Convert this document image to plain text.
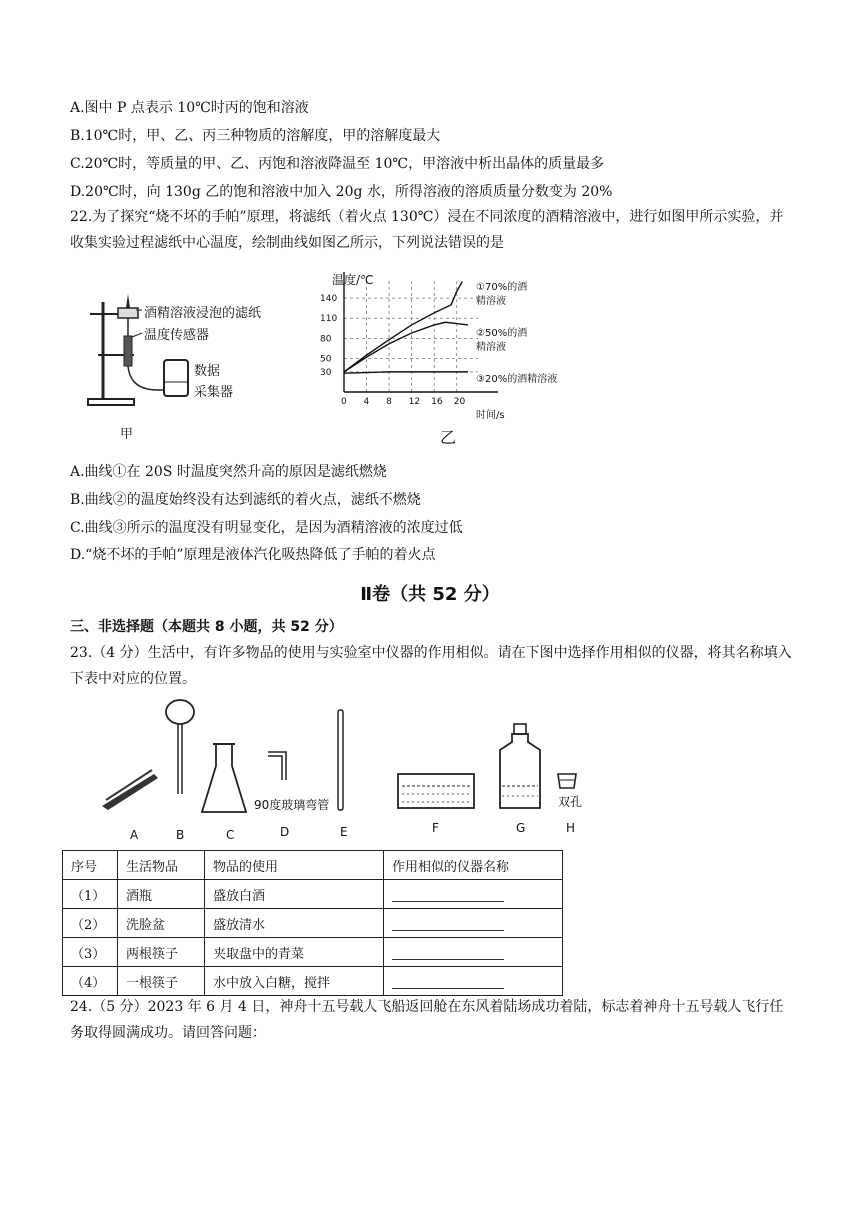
A.图中 P 点表示 10℃时丙的饱和溶液
B.10℃时，甲、乙、丙三种物质的溶解度，甲的溶解度最大
C.20℃时，等质量的甲、乙、丙饱和溶液降温至 10℃，甲溶液中析出晶体的质量最多
D.20℃时，向 130g 乙的饱和溶液中加入 20g 水，所得溶液的溶质质量分数变为 20%
22.为了探究“烧不坏的手帕”原理，将滤纸（着火点 130℃）浸在不同浓度的酒精溶液中，进行如图甲所示实验，并收集实验过程滤纸中心温度，绘制曲线如图乙所示，下列说法错误的是
酒精溶液浸泡的滤纸
温度传感器
数据
采集器
甲
0 4 8 12 16 20
30
50
80
110
140
①70%的酒
精溶液
②50%的酒
精溶液
③20%的酒精溶液
温度/℃
时间/s
乙
A.曲线①在 20S 时温度突然升高的原因是滤纸燃烧
B.曲线②的温度始终没有达到滤纸的着火点，滤纸不燃烧
C.曲线③所示的温度没有明显变化，是因为酒精溶液的浓度过低
D.“烧不坏的手帕”原理是液体汽化吸热降低了手帕的着火点
Ⅱ卷（共 52 分）
三、非选择题（本题共 8 小题，共 52 分）
23.（4 分）生活中，有许多物品的使用与实验室中仪器的作用相似。请在下图中选择作用相似的仪器，将其名称填入下表中对应的位置。
90度玻璃弯管	双孔
A	B	C	D	E	F	G	H
序号	生活物品	物品的使用	作用相似的仪器名称
（1）	酒瓶	盛放白酒	
（2）	洗脸盆	盛放清水	
（3）	两根筷子	夹取盘中的青菜	
（4）	一根筷子	水中放入白糖，搅拌	
24.（5 分）2023 年 6 月 4 日，神舟十五号载人飞船返回舱在东风着陆场成功着陆，标志着神舟十五号载人飞行任务取得圆满成功。请回答问题：
